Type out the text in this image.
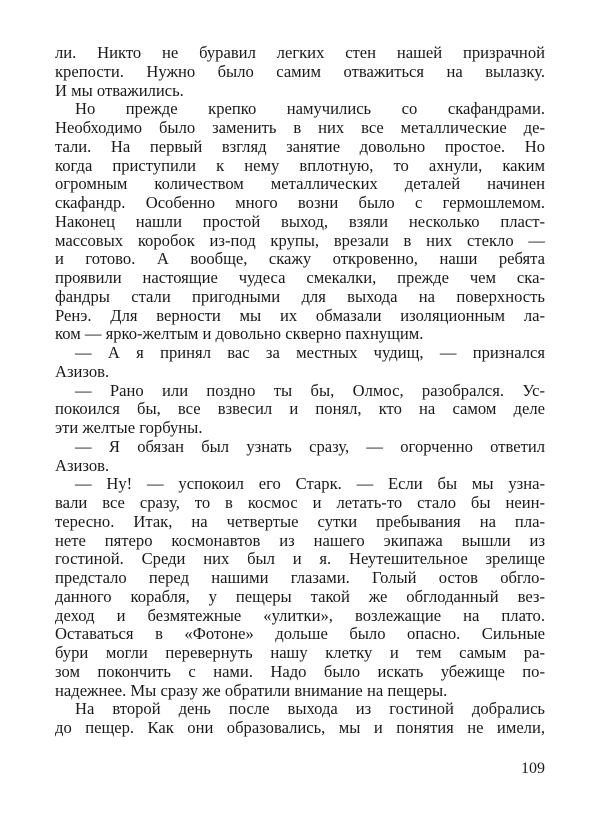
ли. Никто не буравил легких стен нашей призрачной
крепости. Нужно было самим отважиться на вылазку.
И мы отважились.
Но прежде крепко намучились со скафандрами.
Необходимо было заменить в них все металлические де-
тали. На первый взгляд занятие довольно простое. Но
когда приступили к нему вплотную, то ахнули, каким
огромным количеством металлических деталей начинен
скафандр. Особенно много возни было с гермошлемом.
Наконец нашли простой выход, взяли несколько пласт-
массовых коробок из-под крупы, врезали в них стекло —
и готово. А вообще, скажу откровенно, наши ребята
проявили настоящие чудеса смекалки, прежде чем ска-
фандры стали пригодными для выхода на поверхность
Ренэ. Для верности мы их обмазали изоляционным ла-
ком — ярко-желтым и довольно скверно пахнущим.
— А я принял вас за местных чудищ, — признался
Азизов.
— Рано или поздно ты бы, Олмос, разобрался. Ус-
покоился бы, все взвесил и понял, кто на самом деле
эти желтые горбуны.
— Я обязан был узнать сразу, — огорченно ответил
Азизов.
— Ну! — успокоил его Старк. — Если бы мы узна-
вали все сразу, то в космос и летать-то стало бы неин-
тересно. Итак, на четвертые сутки пребывания на пла-
нете пятеро космонавтов из нашего экипажа вышли из
гостиной. Среди них был и я. Неутешительное зрелище
предстало перед нашими глазами. Голый остов обгло-
данного корабля, у пещеры такой же обглоданный вез-
деход и безмятежные «улитки», возлежащие на плато.
Оставаться в «Фотоне» дольше было опасно. Сильные
бури могли перевернуть нашу клетку и тем самым ра-
зом покончить с нами. Надо было искать убежище по-
надежнее. Мы сразу же обратили внимание на пещеры.
На второй день после выхода из гостиной добрались
до пещер. Как они образовались, мы и понятия не имели,
109
